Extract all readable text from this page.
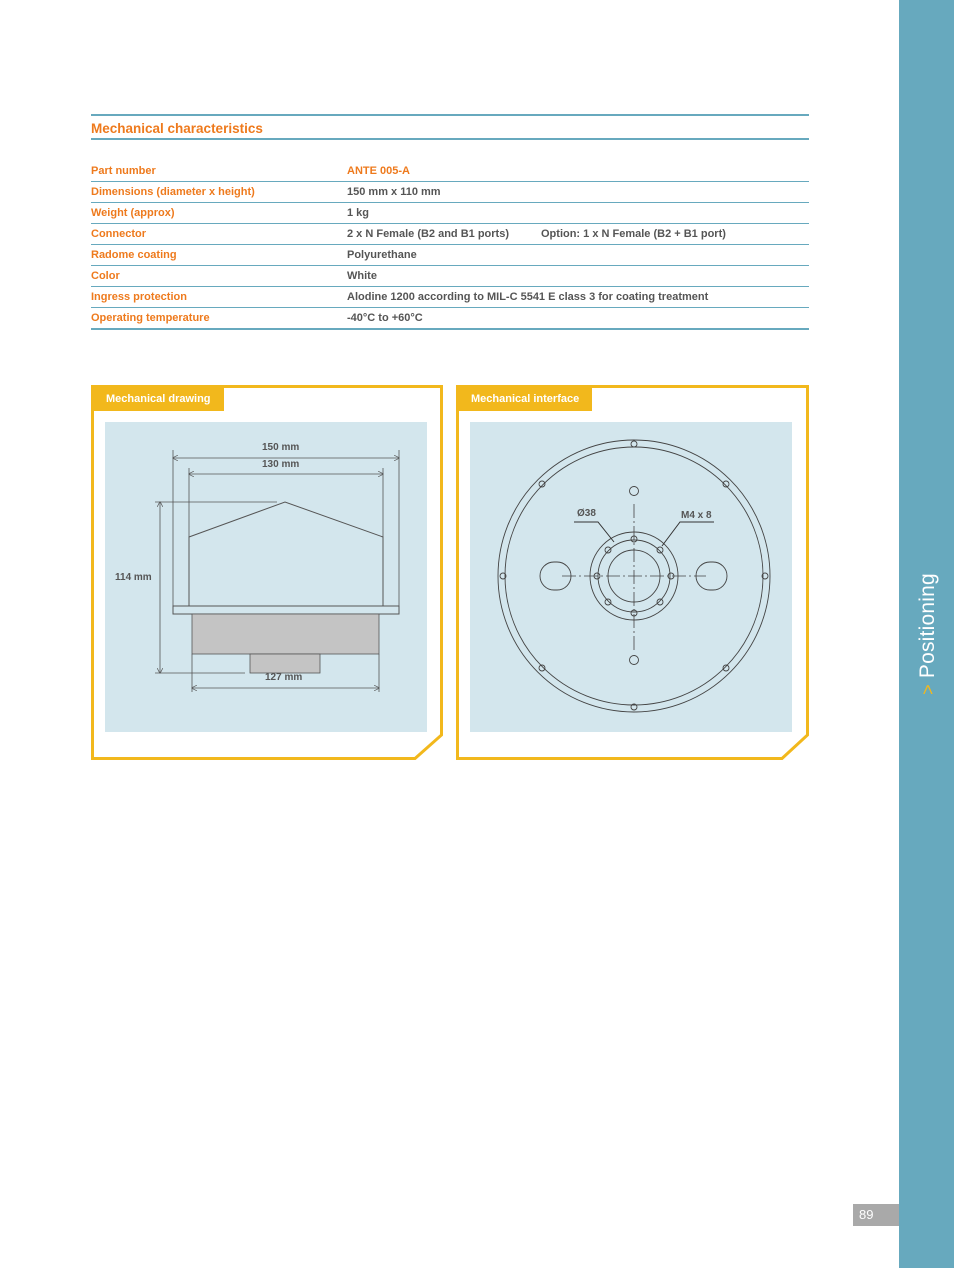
>Positioning
89
Mechanical characteristics
Part number	ANTE 005-A
Dimensions (diameter x height)	150 mm x 110 mm
Weight (approx)	1 kg
Connector	2 x N Female (B2 and B1 ports)	Option: 1 x N Female (B2 + B1 port)
Radome coating	Polyurethane
Color	White
Ingress protection	Alodine 1200 according to MIL-C 5541 E class 3 for coating treatment
Operating temperature	-40°C to +60°C
Mechanical drawing
150 mm
130 mm
114 mm
127 mm
Mechanical interface
Ø38	M4 x 8
